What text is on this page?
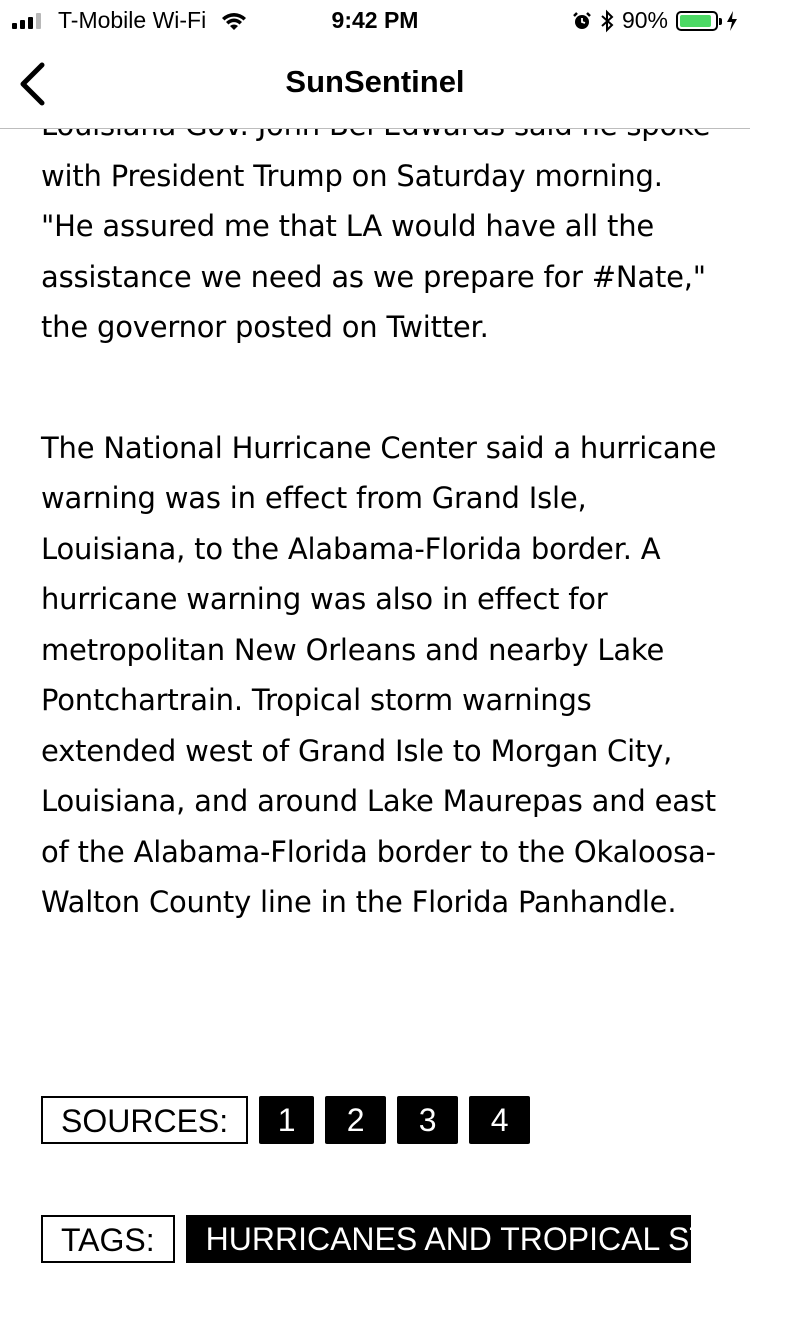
T-Mobile Wi-Fi	9:42 PM	90%
SunSentinel

with President Trump on Saturday morning. "He assured me that LA would have all the assistance we need as we prepare for #Nate," the governor posted on Twitter.

The National Hurricane Center said a hurricane warning was in effect from Grand Isle, Louisiana, to the Alabama-Florida border. A hurricane warning was also in effect for metropolitan New Orleans and nearby Lake Pontchartrain. Tropical storm warnings extended west of Grand Isle to Morgan City, Louisiana, and around Lake Maurepas and east of the Alabama-Florida border to the Okaloosa-Walton County line in the Florida Panhandle.

SOURCES:	1	2	3	4
TAGS:	HURRICANES AND TROPICAL STORMS
